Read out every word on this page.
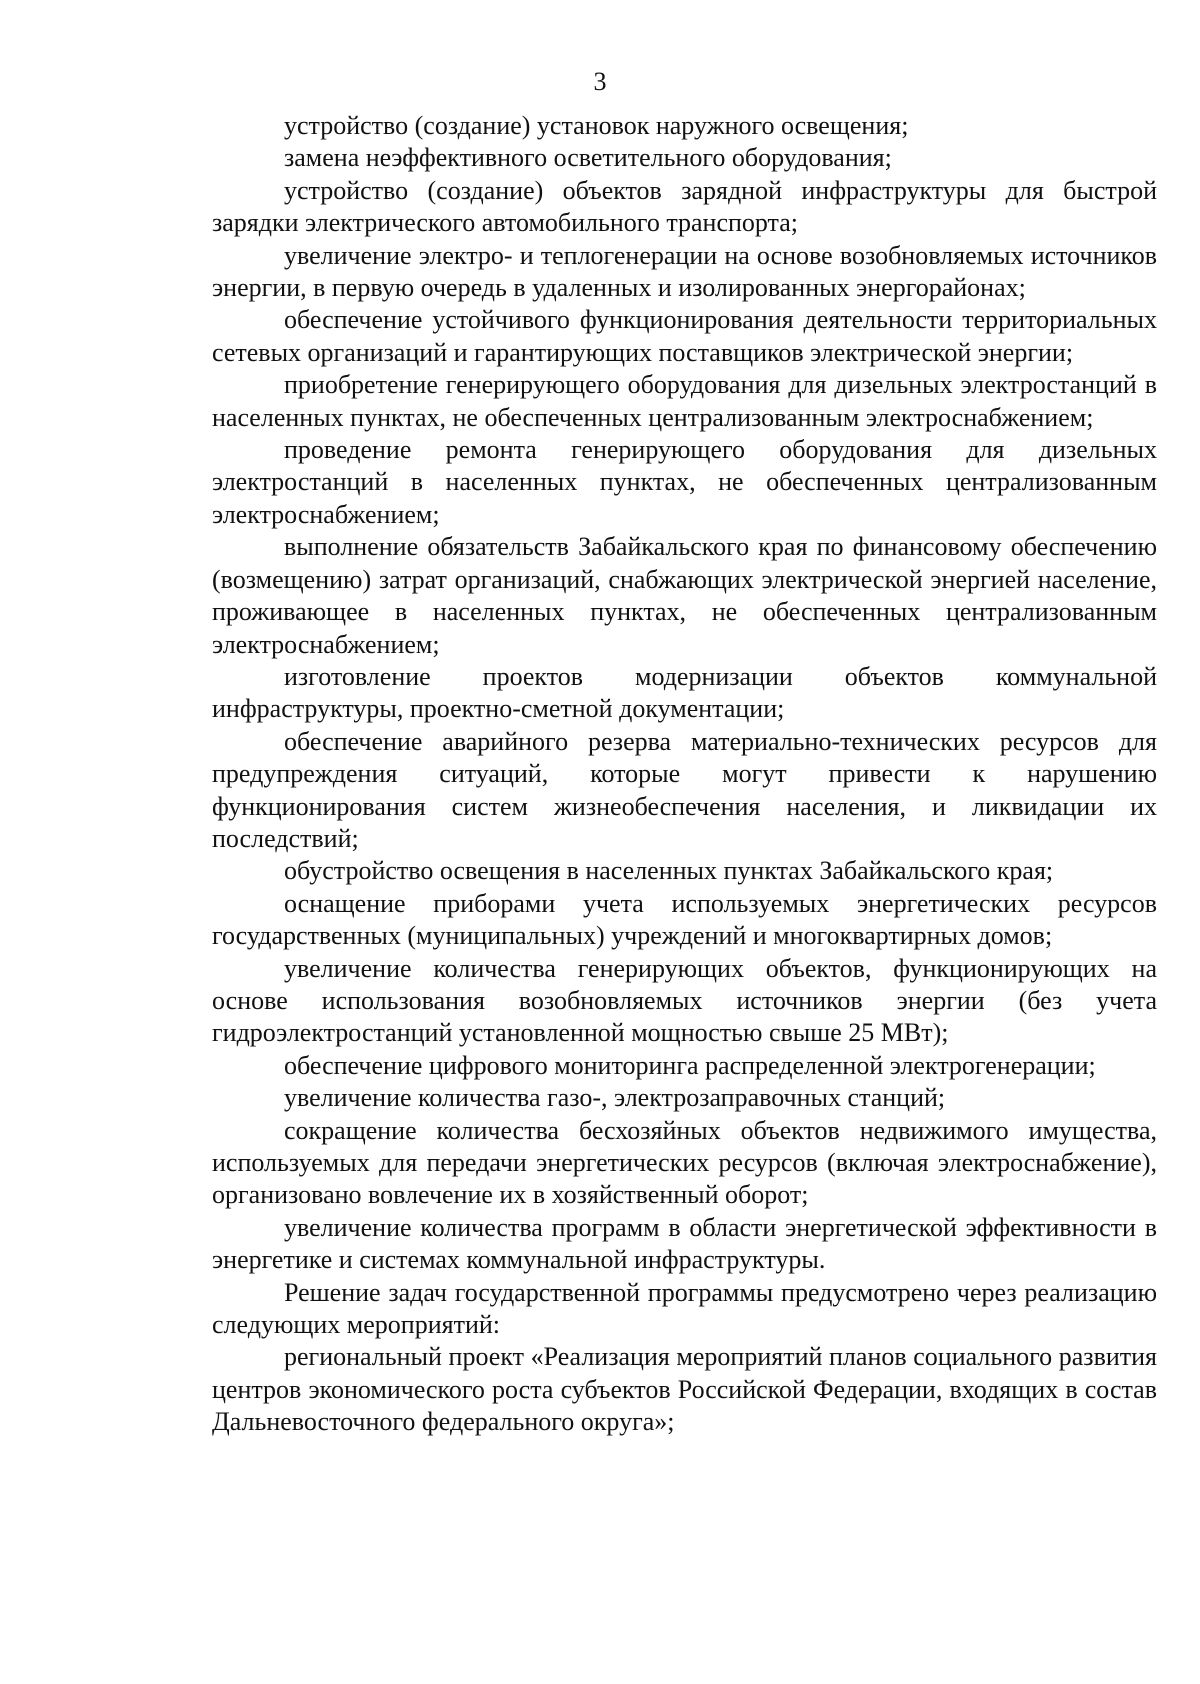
3

устройство (создание) установок наружного освещения;

замена неэффективного осветительного оборудования;

устройство (создание) объектов зарядной инфраструктуры для быстрой зарядки электрического автомобильного транспорта;

увеличение электро- и теплогенерации на основе возобновляемых источников энергии, в первую очередь в удаленных и изолированных энергорайонах;

обеспечение устойчивого функционирования деятельности территориальных сетевых организаций и гарантирующих поставщиков электрической энергии;

приобретение генерирующего оборудования для дизельных электростанций в населенных пунктах, не обеспеченных централизованным электроснабжением;

проведение ремонта генерирующего оборудования для дизельных электростанций в населенных пунктах, не обеспеченных централизованным электроснабжением;

выполнение обязательств Забайкальского края по финансовому обеспечению (возмещению) затрат организаций, снабжающих электрической энергией население, проживающее в населенных пунктах, не обеспеченных централизованным электроснабжением;

изготовление проектов модернизации объектов коммунальной инфраструктуры, проектно-сметной документации;

обеспечение аварийного резерва материально-технических ресурсов для предупреждения ситуаций, которые могут привести к нарушению функционирования систем жизнеобеспечения населения, и ликвидации их последствий;

обустройство освещения в населенных пунктах Забайкальского края;

оснащение приборами учета используемых энергетических ресурсов государственных (муниципальных) учреждений и многоквартирных домов;

увеличение количества генерирующих объектов, функционирующих на основе использования возобновляемых источников энергии (без учета гидроэлектростанций установленной мощностью свыше 25 МВт);

обеспечение цифрового мониторинга распределенной электрогенерации;

увеличение количества газо-, электрозаправочных станций;

сокращение количества бесхозяйных объектов недвижимого имущества, используемых для передачи энергетических ресурсов (включая электроснабжение), организовано вовлечение их в хозяйственный оборот;

увеличение количества программ в области энергетической эффективности в энергетике и системах коммунальной инфраструктуры.

Решение задач государственной программы предусмотрено через реализацию следующих мероприятий:

региональный проект «Реализация мероприятий планов социального развития центров экономического роста субъектов Российской Федерации, входящих в состав Дальневосточного федерального округа»;
